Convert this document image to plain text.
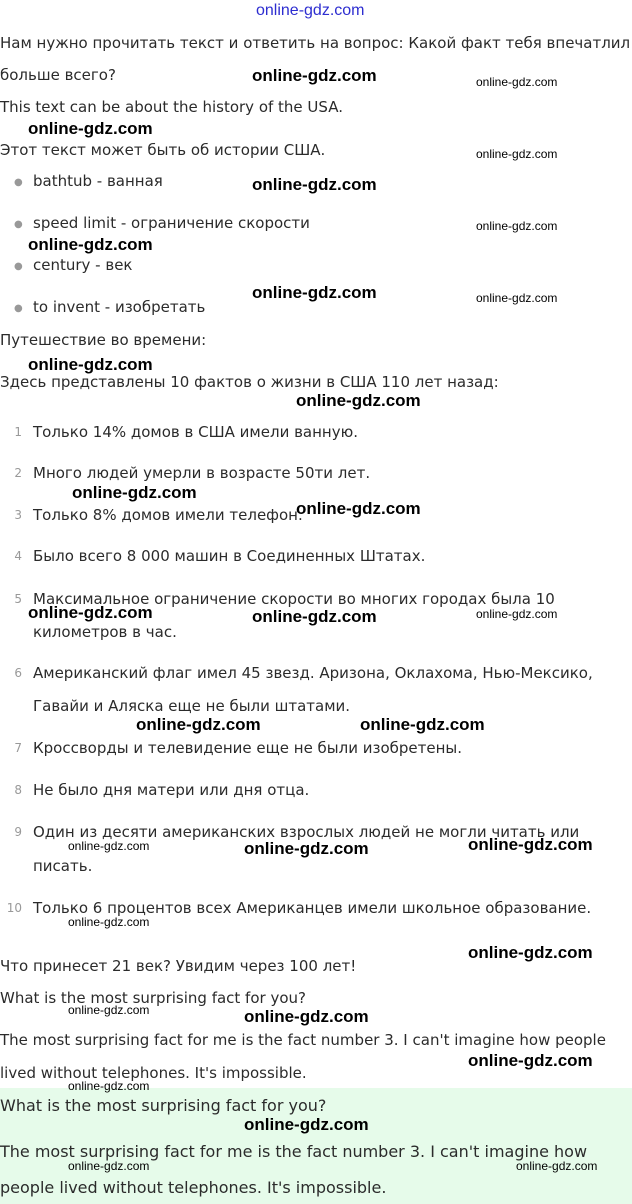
online-gdz.com
Нам нужно прочитать текст и ответить на вопрос: Какой факт тебя впечатлил
больше всего?
This text can be about the history of the USA.
Этот текст может быть об истории США.
● bathtub - ванная
● speed limit - ограничение скорости
● century - век
● to invent - изобретать
Путешествие во времени:
Здесь представлены 10 фактов о жизни в США 110 лет назад:
1 Только 14% домов в США имели ванную.
2 Много людей умерли в возрасте 50ти лет.
3 Только 8% домов имели телефон.
4 Было всего 8 000 машин в Соединенных Штатах.
5 Максимальное ограничение скорости во многих городах была 10
километров в час.
6 Американский флаг имел 45 звезд. Аризона, Оклахома, Нью-Мексико,
Гавайи и Аляска еще не были штатами.
7 Кроссворды и телевидение еще не были изобретены.
8 Не было дня матери или дня отца.
9 Один из десяти американских взрослых людей не могли читать или
писать.
10 Только 6 процентов всех Американцев имели школьное образование.
Что принесет 21 век? Увидим через 100 лет!
What is the most surprising fact for you?
The most surprising fact for me is the fact number 3. I can't imagine how people
lived without telephones. It's impossible.
What is the most surprising fact for you?
The most surprising fact for me is the fact number 3. I can't imagine how
people lived without telephones. It's impossible.
online-gdz.com	online-gdz.com
online-gdz.com
online-gdz.com
online-gdz.com
online-gdz.com
online-gdz.com
online-gdz.com	online-gdz.com
online-gdz.com
online-gdz.com
online-gdz.com
online-gdz.com
online-gdz.com	online-gdz.com	online-gdz.com
online-gdz.com	online-gdz.com
online-gdz.com	online-gdz.com	online-gdz.com
online-gdz.com
online-gdz.com
online-gdz.com	online-gdz.com
online-gdz.com
online-gdz.com
online-gdz.com
online-gdz.com	online-gdz.com
